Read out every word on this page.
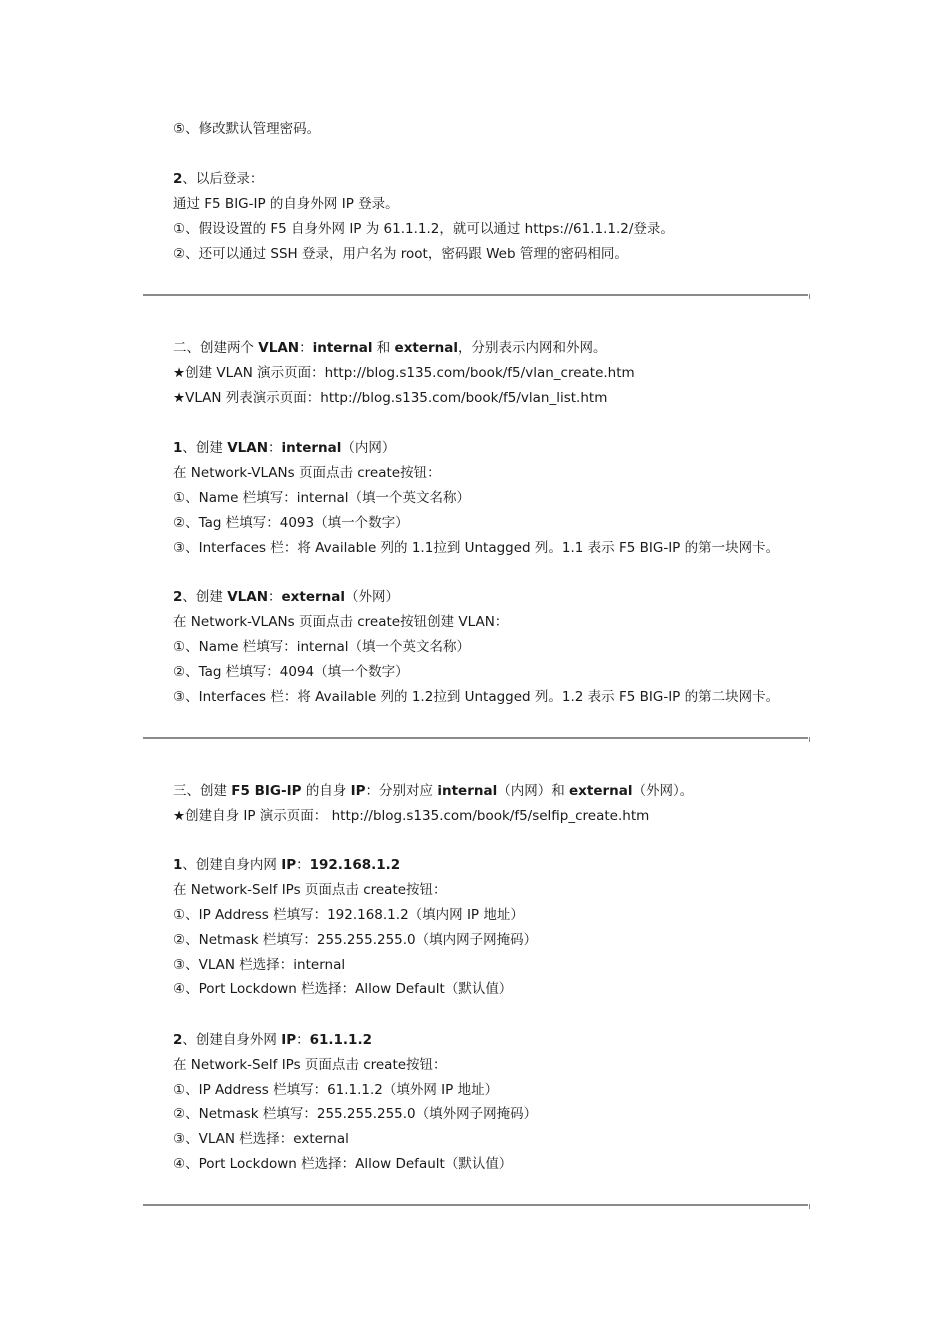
⑤、修改默认管理密码。
2、以后登录：
通过 F5 BIG-IP 的自身外网 IP 登录。
①、假设设置的 F5 自身外网 IP 为 61.1.1.2，就可以通过 https://61.1.1.2/登录。
②、还可以通过 SSH 登录，用户名为 root，密码跟 Web 管理的密码相同。
二、创建两个 VLAN：internal 和 external，分别表示内网和外网。
★创建 VLAN 演示页面：http://blog.s135.com/book/f5/vlan_create.htm
★VLAN 列表演示页面：http://blog.s135.com/book/f5/vlan_list.htm
1、创建 VLAN：internal（内网）
在 Network-VLANs 页面点击 create按钮：
①、Name 栏填写：internal（填一个英文名称）
②、Tag 栏填写：4093（填一个数字）
③、Interfaces 栏：将 Available 列的 1.1拉到 Untagged 列。1.1 表示 F5 BIG-IP 的第一块网卡。
2、创建 VLAN：external（外网）
在 Network-VLANs 页面点击 create按钮创建 VLAN：
①、Name 栏填写：internal（填一个英文名称）
②、Tag 栏填写：4094（填一个数字）
③、Interfaces 栏：将 Available 列的 1.2拉到 Untagged 列。1.2 表示 F5 BIG-IP 的第二块网卡。
三、创建 F5 BIG-IP 的自身 IP：分别对应 internal（内网）和 external（外网）。
★创建自身 IP 演示页面： http://blog.s135.com/book/f5/selfip_create.htm
1、创建自身内网 IP：192.168.1.2
在 Network-Self IPs 页面点击 create按钮：
①、IP Address 栏填写：192.168.1.2（填内网 IP 地址）
②、Netmask 栏填写：255.255.255.0（填内网子网掩码）
③、VLAN 栏选择：internal
④、Port Lockdown 栏选择：Allow Default（默认值）
2、创建自身外网 IP：61.1.1.2
在 Network-Self IPs 页面点击 create按钮：
①、IP Address 栏填写：61.1.1.2（填外网 IP 地址）
②、Netmask 栏填写：255.255.255.0（填外网子网掩码）
③、VLAN 栏选择：external
④、Port Lockdown 栏选择：Allow Default（默认值）
